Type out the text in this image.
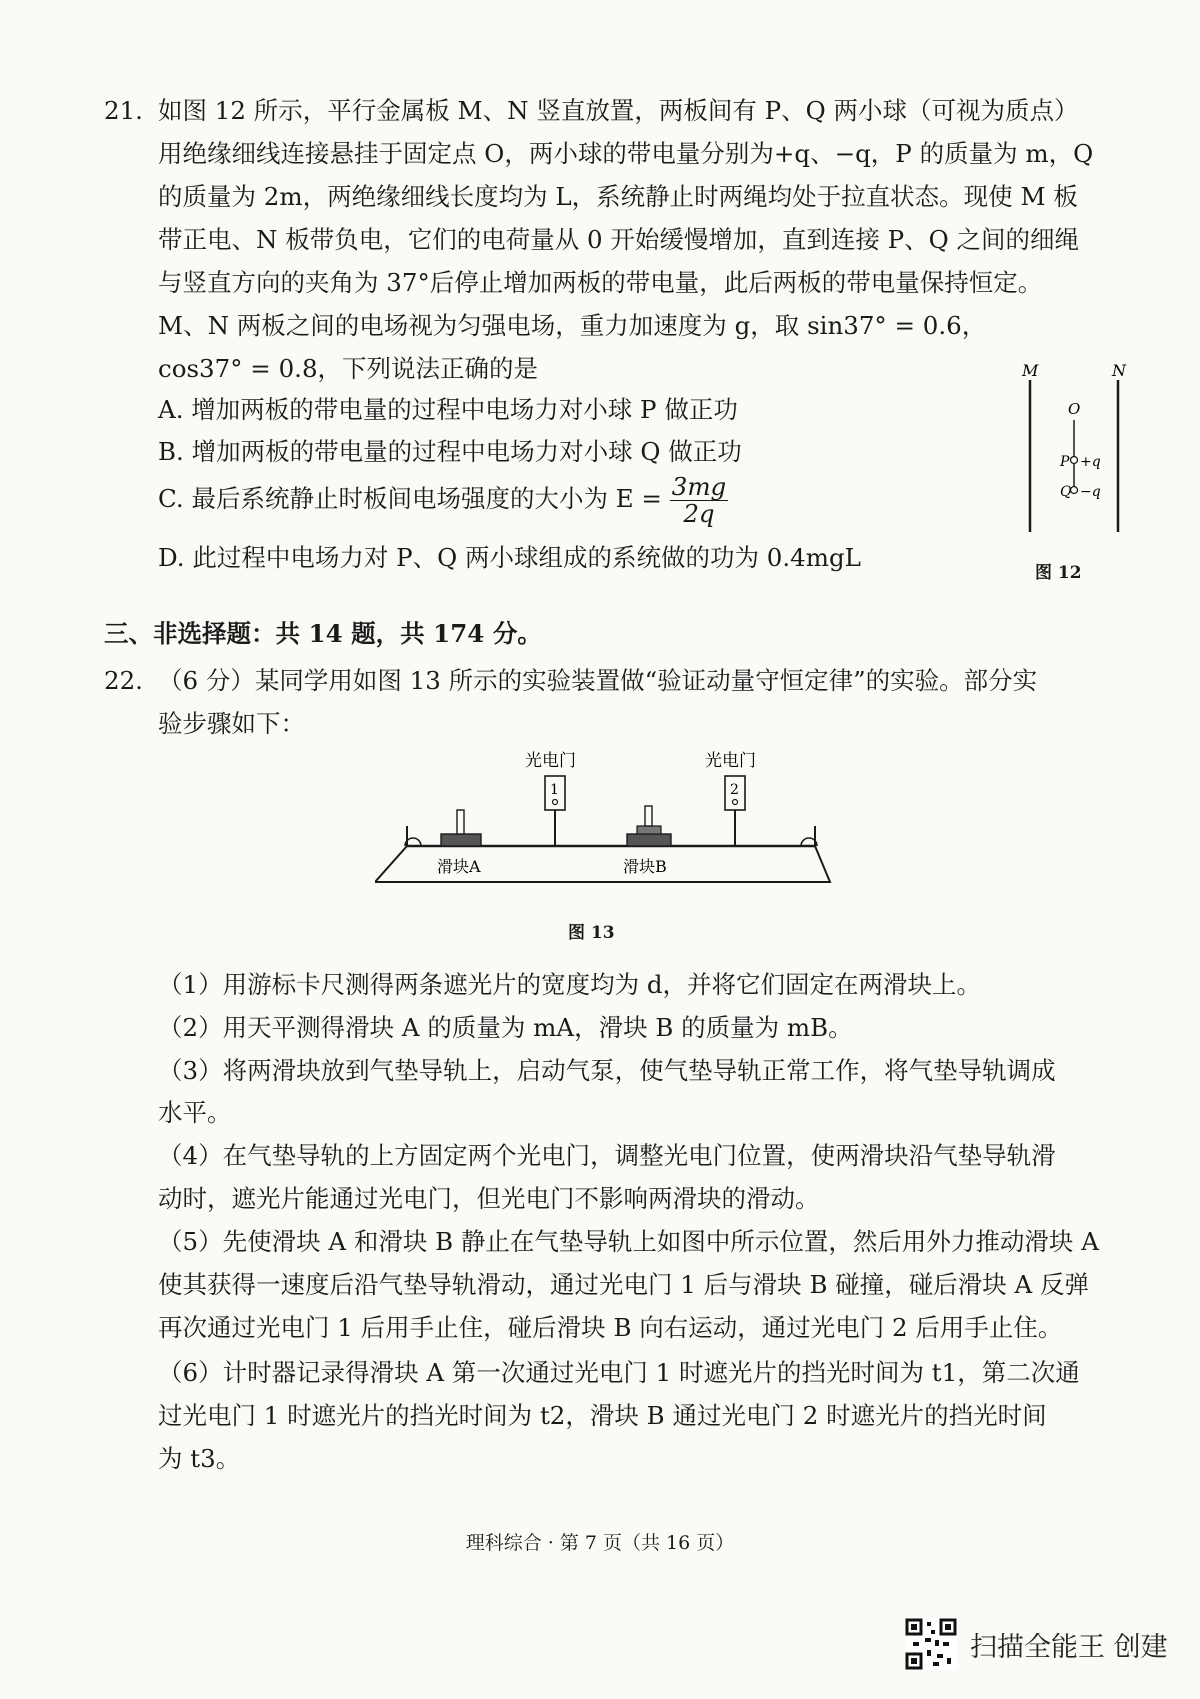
21. 如图 12 所示，平行金属板 M、N 竖直放置，两板间有 P、Q 两小球（可视为质点）

用绝缘细线连接悬挂于固定点 O，两小球的带电量分别为+q、−q，P 的质量为 m，Q

的质量为 2m，两绝缘细线长度均为 L，系统静止时两绳均处于拉直状态。现使 M 板

带正电、N 板带负电，它们的电荷量从 0 开始缓慢增加，直到连接 P、Q 之间的细绳

与竖直方向的夹角为 37°后停止增加两板的带电量，此后两板的带电量保持恒定。

M、N 两板之间的电场视为匀强电场，重力加速度为 g，取 sin37° = 0.6，

cos37° = 0.8，下列说法正确的是

A. 增加两板的带电量的过程中电场力对小球 P 做正功
B. 增加两板的带电量的过程中电场力对小球 Q 做正功
C. 最后系统静止时板间电场强度的大小为 $E = \frac{3mg}{2q}$
D. 此过程中电场力对 P、Q 两小球组成的系统做的功为 0.4mgL
M	N
O
P +q
Q −q
图 12
三、非选择题：共 14 题，共 174 分。
22. （6 分）某同学用如图 13 所示的实验装置做“验证动量守恒定律”的实验。部分实

验步骤如下：

光电门	光电门
1	2
滑块A	滑块B
图 13
（1）用游标卡尺测得两条遮光片的宽度均为 d，并将它们固定在两滑块上。
（2）用天平测得滑块 A 的质量为 mA，滑块 B 的质量为 mB。
（3）将两滑块放到气垫导轨上，启动气泵，使气垫导轨正常工作，将气垫导轨调成
水平。
（4）在气垫导轨的上方固定两个光电门，调整光电门位置，使两滑块沿气垫导轨滑
动时，遮光片能通过光电门，但光电门不影响两滑块的滑动。
（5）先使滑块 A 和滑块 B 静止在气垫导轨上如图中所示位置，然后用外力推动滑块 A
使其获得一速度后沿气垫导轨滑动，通过光电门 1 后与滑块 B 碰撞，碰后滑块 A 反弹
再次通过光电门 1 后用手止住，碰后滑块 B 向右运动，通过光电门 2 后用手止住。
（6）计时器记录得滑块 A 第一次通过光电门 1 时遮光片的挡光时间为 t1，第二次通
过光电门 1 时遮光片的挡光时间为 t2，滑块 B 通过光电门 2 时遮光片的挡光时间
为 t3。
理科综合 · 第 7 页（共 16 页）
扫描全能王 创建
